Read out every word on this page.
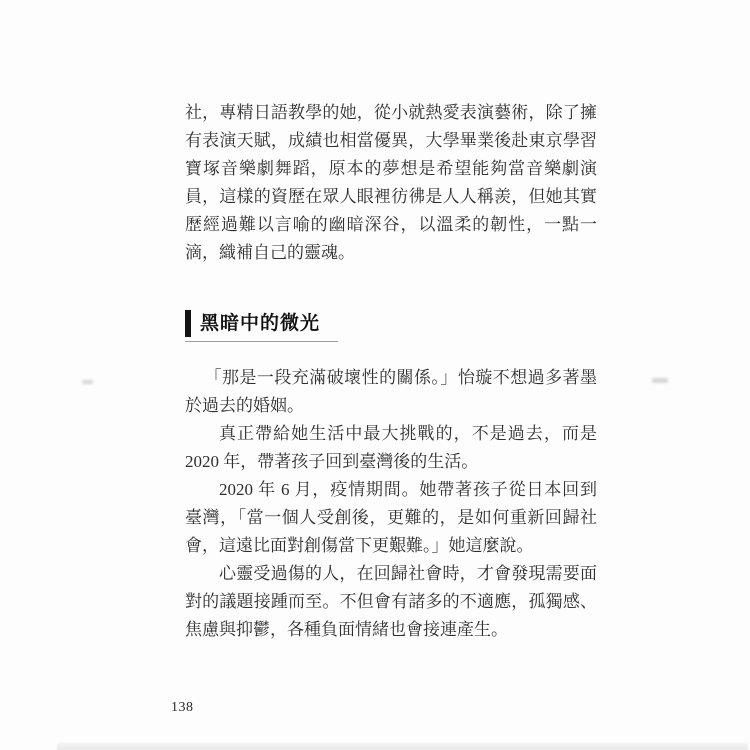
社，專精日語教學的她，從小就熱愛表演藝術，除了擁有表演天賦，成績也相當優異，大學畢業後赴東京學習寶塚音樂劇舞蹈，原本的夢想是希望能夠當音樂劇演員，這樣的資歷在眾人眼裡彷彿是人人稱羨，但她其實歷經過難以言喻的幽暗深谷，以溫柔的韌性，一點一滴，織補自己的靈魂。

黑暗中的微光

「那是一段充滿破壞性的關係。」怡璇不想過多著墨於過去的婚姻。

真正帶給她生活中最大挑戰的，不是過去，而是 2020 年，帶著孩子回到臺灣後的生活。

2020 年 6 月，疫情期間。她帶著孩子從日本回到臺灣，「當一個人受創後，更難的，是如何重新回歸社會，這遠比面對創傷當下更艱難。」她這麼說。

心靈受過傷的人，在回歸社會時，才會發現需要面對的議題接踵而至。不但會有諸多的不適應，孤獨感、焦慮與抑鬱，各種負面情緒也會接連產生。

138
